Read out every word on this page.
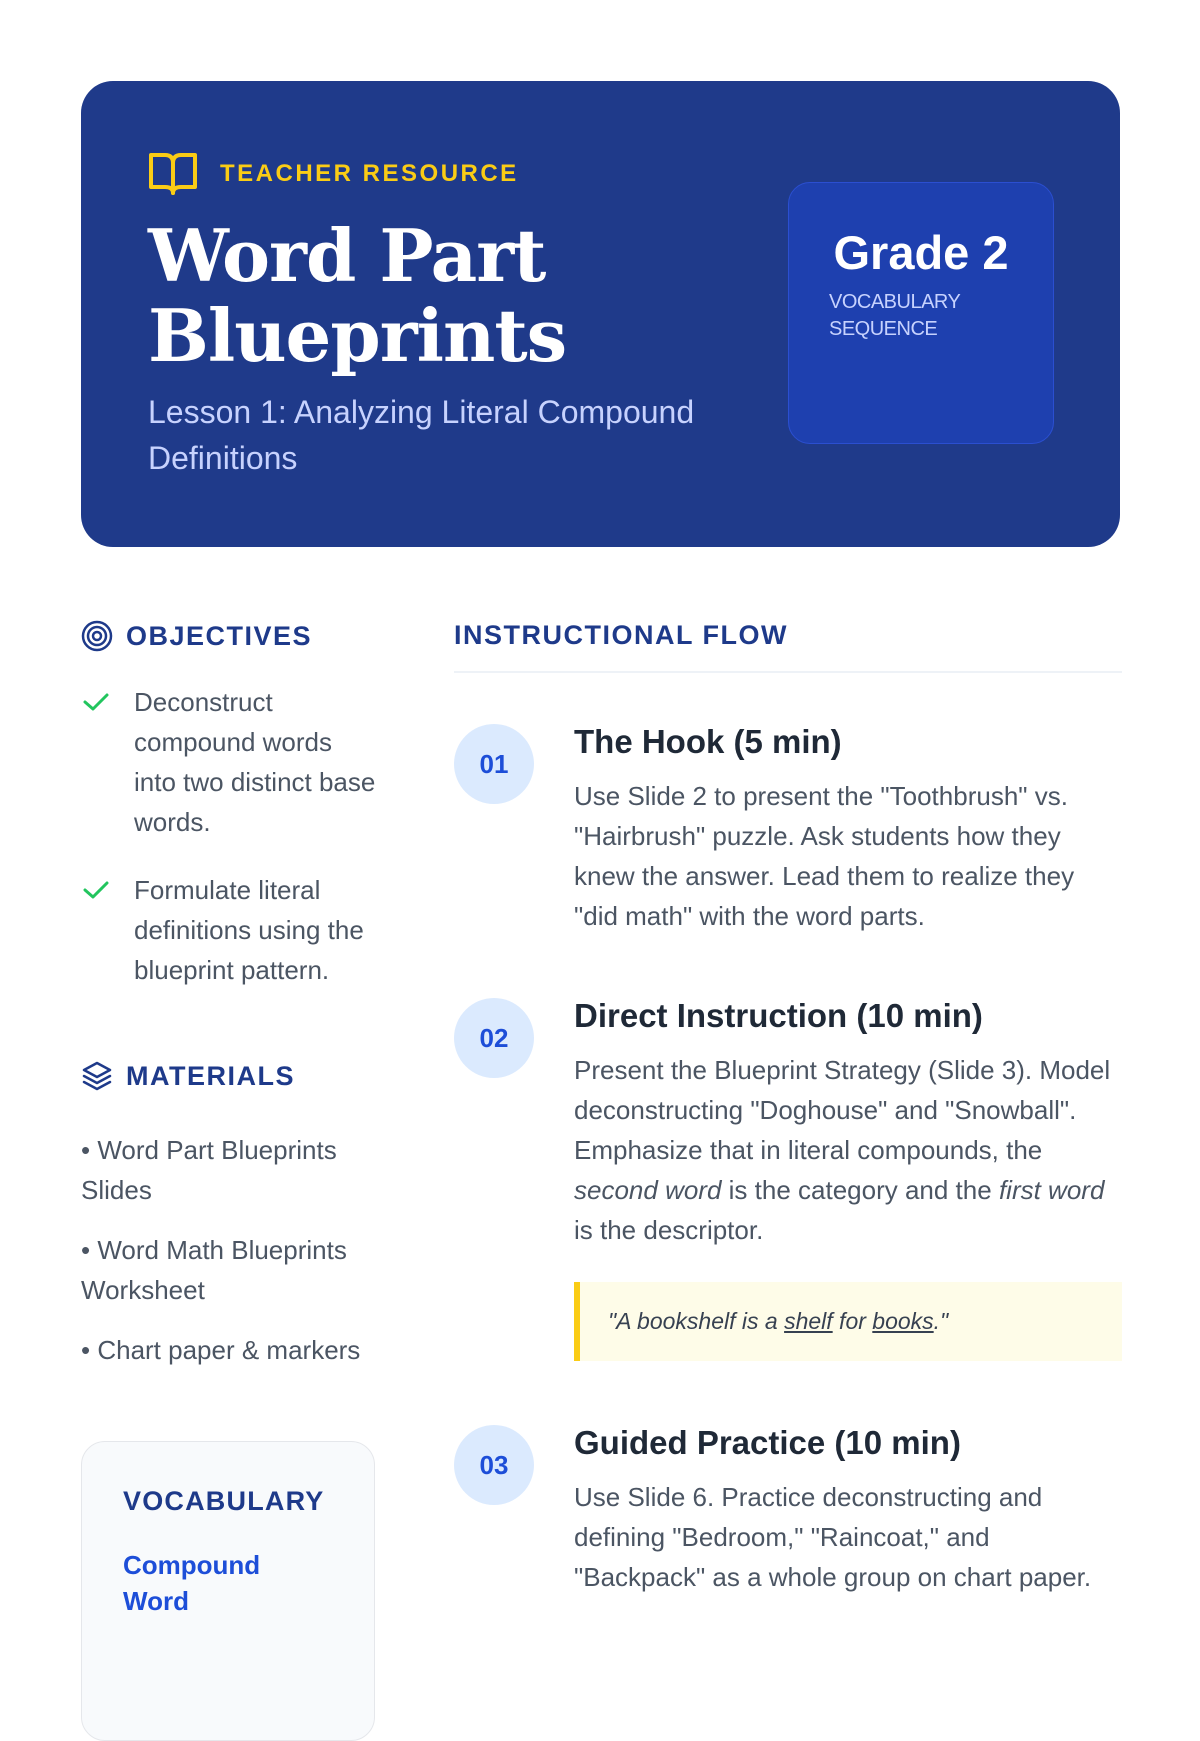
TEACHER RESOURCE
Word Part Blueprints
Lesson 1: Analyzing Literal Compound Definitions
Grade 2
VOCABULARY SEQUENCE
OBJECTIVES
Deconstruct compound words into two distinct base words.
Formulate literal definitions using the blueprint pattern.
MATERIALS
• Word Part Blueprints Slides
• Word Math Blueprints Worksheet
• Chart paper & markers
VOCABULARY
Compound Word
INSTRUCTIONAL FLOW
01
The Hook (5 min)
Use Slide 2 to present the "Toothbrush" vs. "Hairbrush" puzzle. Ask students how they knew the answer. Lead them to realize they "did math" with the word parts.
02
Direct Instruction (10 min)
Present the Blueprint Strategy (Slide 3). Model deconstructing "Doghouse" and "Snowball". Emphasize that in literal compounds, the second word is the category and the first word is the descriptor.
"A bookshelf is a shelf for books."
03
Guided Practice (10 min)
Use Slide 6. Practice deconstructing and defining "Bedroom," "Raincoat," and "Backpack" as a whole group on chart paper.
